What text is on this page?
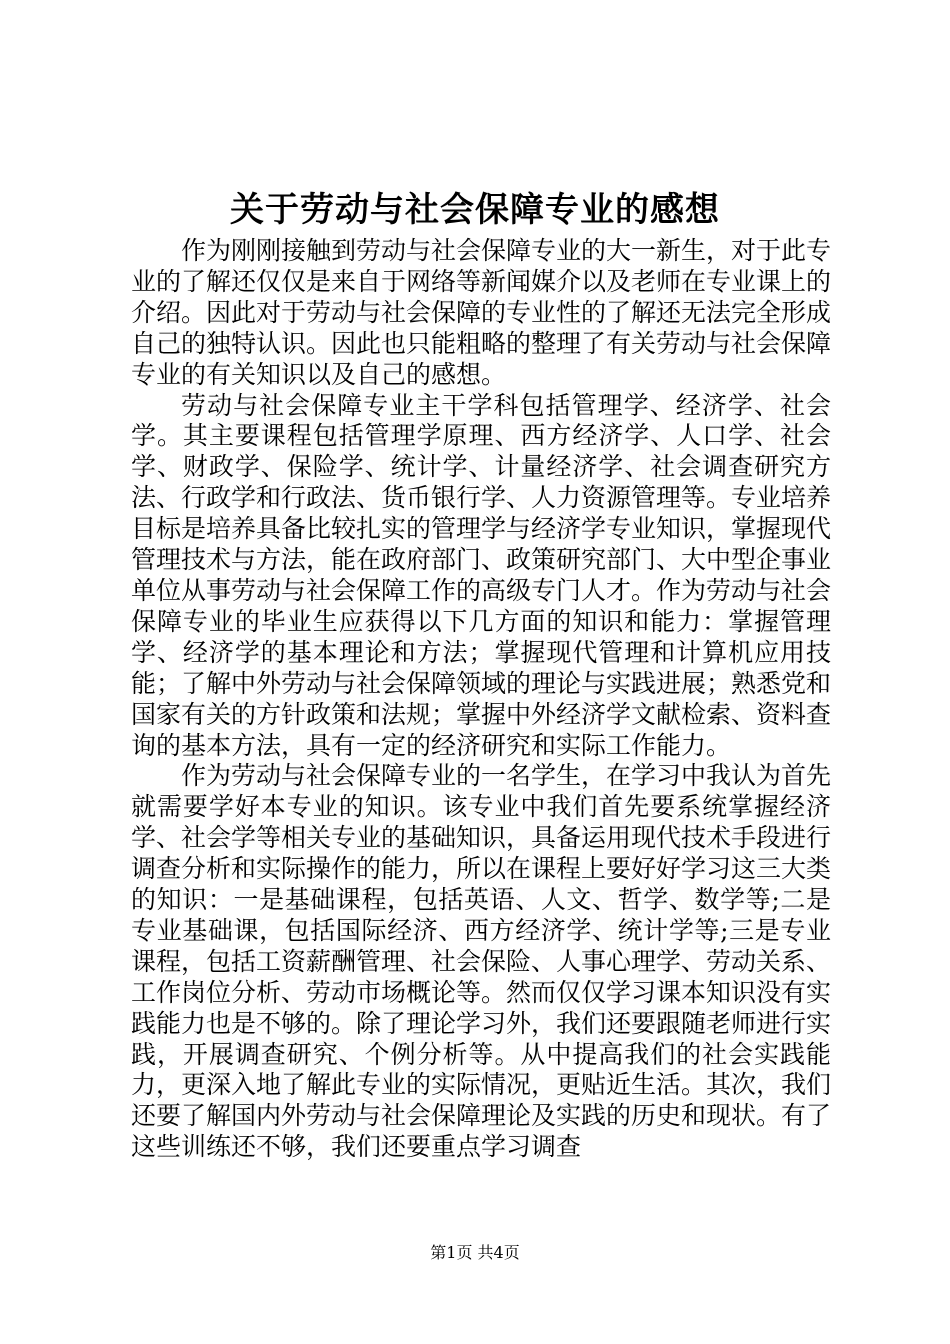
关于劳动与社会保障专业的感想

作为刚刚接触到劳动与社会保障专业的大一新生，对于此专业的了解还仅仅是来自于网络等新闻媒介以及老师在专业课上的介绍。因此对于劳动与社会保障的专业性的了解还无法完全形成自己的独特认识。因此也只能粗略的整理了有关劳动与社会保障专业的有关知识以及自己的感想。

劳动与社会保障专业主干学科包括管理学、经济学、社会学。其主要课程包括管理学原理、西方经济学、人口学、社会学、财政学、保险学、统计学、计量经济学、社会调查研究方法、行政学和行政法、货币银行学、人力资源管理等。专业培养目标是培养具备比较扎实的管理学与经济学专业知识，掌握现代管理技术与方法，能在政府部门、政策研究部门、大中型企事业单位从事劳动与社会保障工作的高级专门人才。作为劳动与社会保障专业的毕业生应获得以下几方面的知识和能力：掌握管理学、经济学的基本理论和方法；掌握现代管理和计算机应用技能；了解中外劳动与社会保障领域的理论与实践进展；熟悉党和国家有关的方针政策和法规；掌握中外经济学文献检索、资料查询的基本方法，具有一定的经济研究和实际工作能力。

作为劳动与社会保障专业的一名学生，在学习中我认为首先就需要学好本专业的知识。该专业中我们首先要系统掌握经济学、社会学等相关专业的基础知识，具备运用现代技术手段进行调查分析和实际操作的能力，所以在课程上要好好学习这三大类的知识：一是基础课程，包括英语、人文、哲学、数学等;二是专业基础课，包括国际经济、西方经济学、统计学等;三是专业课程，包括工资薪酬管理、社会保险、人事心理学、劳动关系、工作岗位分析、劳动市场概论等。然而仅仅学习课本知识没有实践能力也是不够的。除了理论学习外，我们还要跟随老师进行实践，开展调查研究、个例分析等。从中提高我们的社会实践能力，更深入地了解此专业的实际情况，更贴近生活。其次，我们还要了解国内外劳动与社会保障理论及实践的历史和现状。有了这些训练还不够，我们还要重点学习调查

第1页 共4页
